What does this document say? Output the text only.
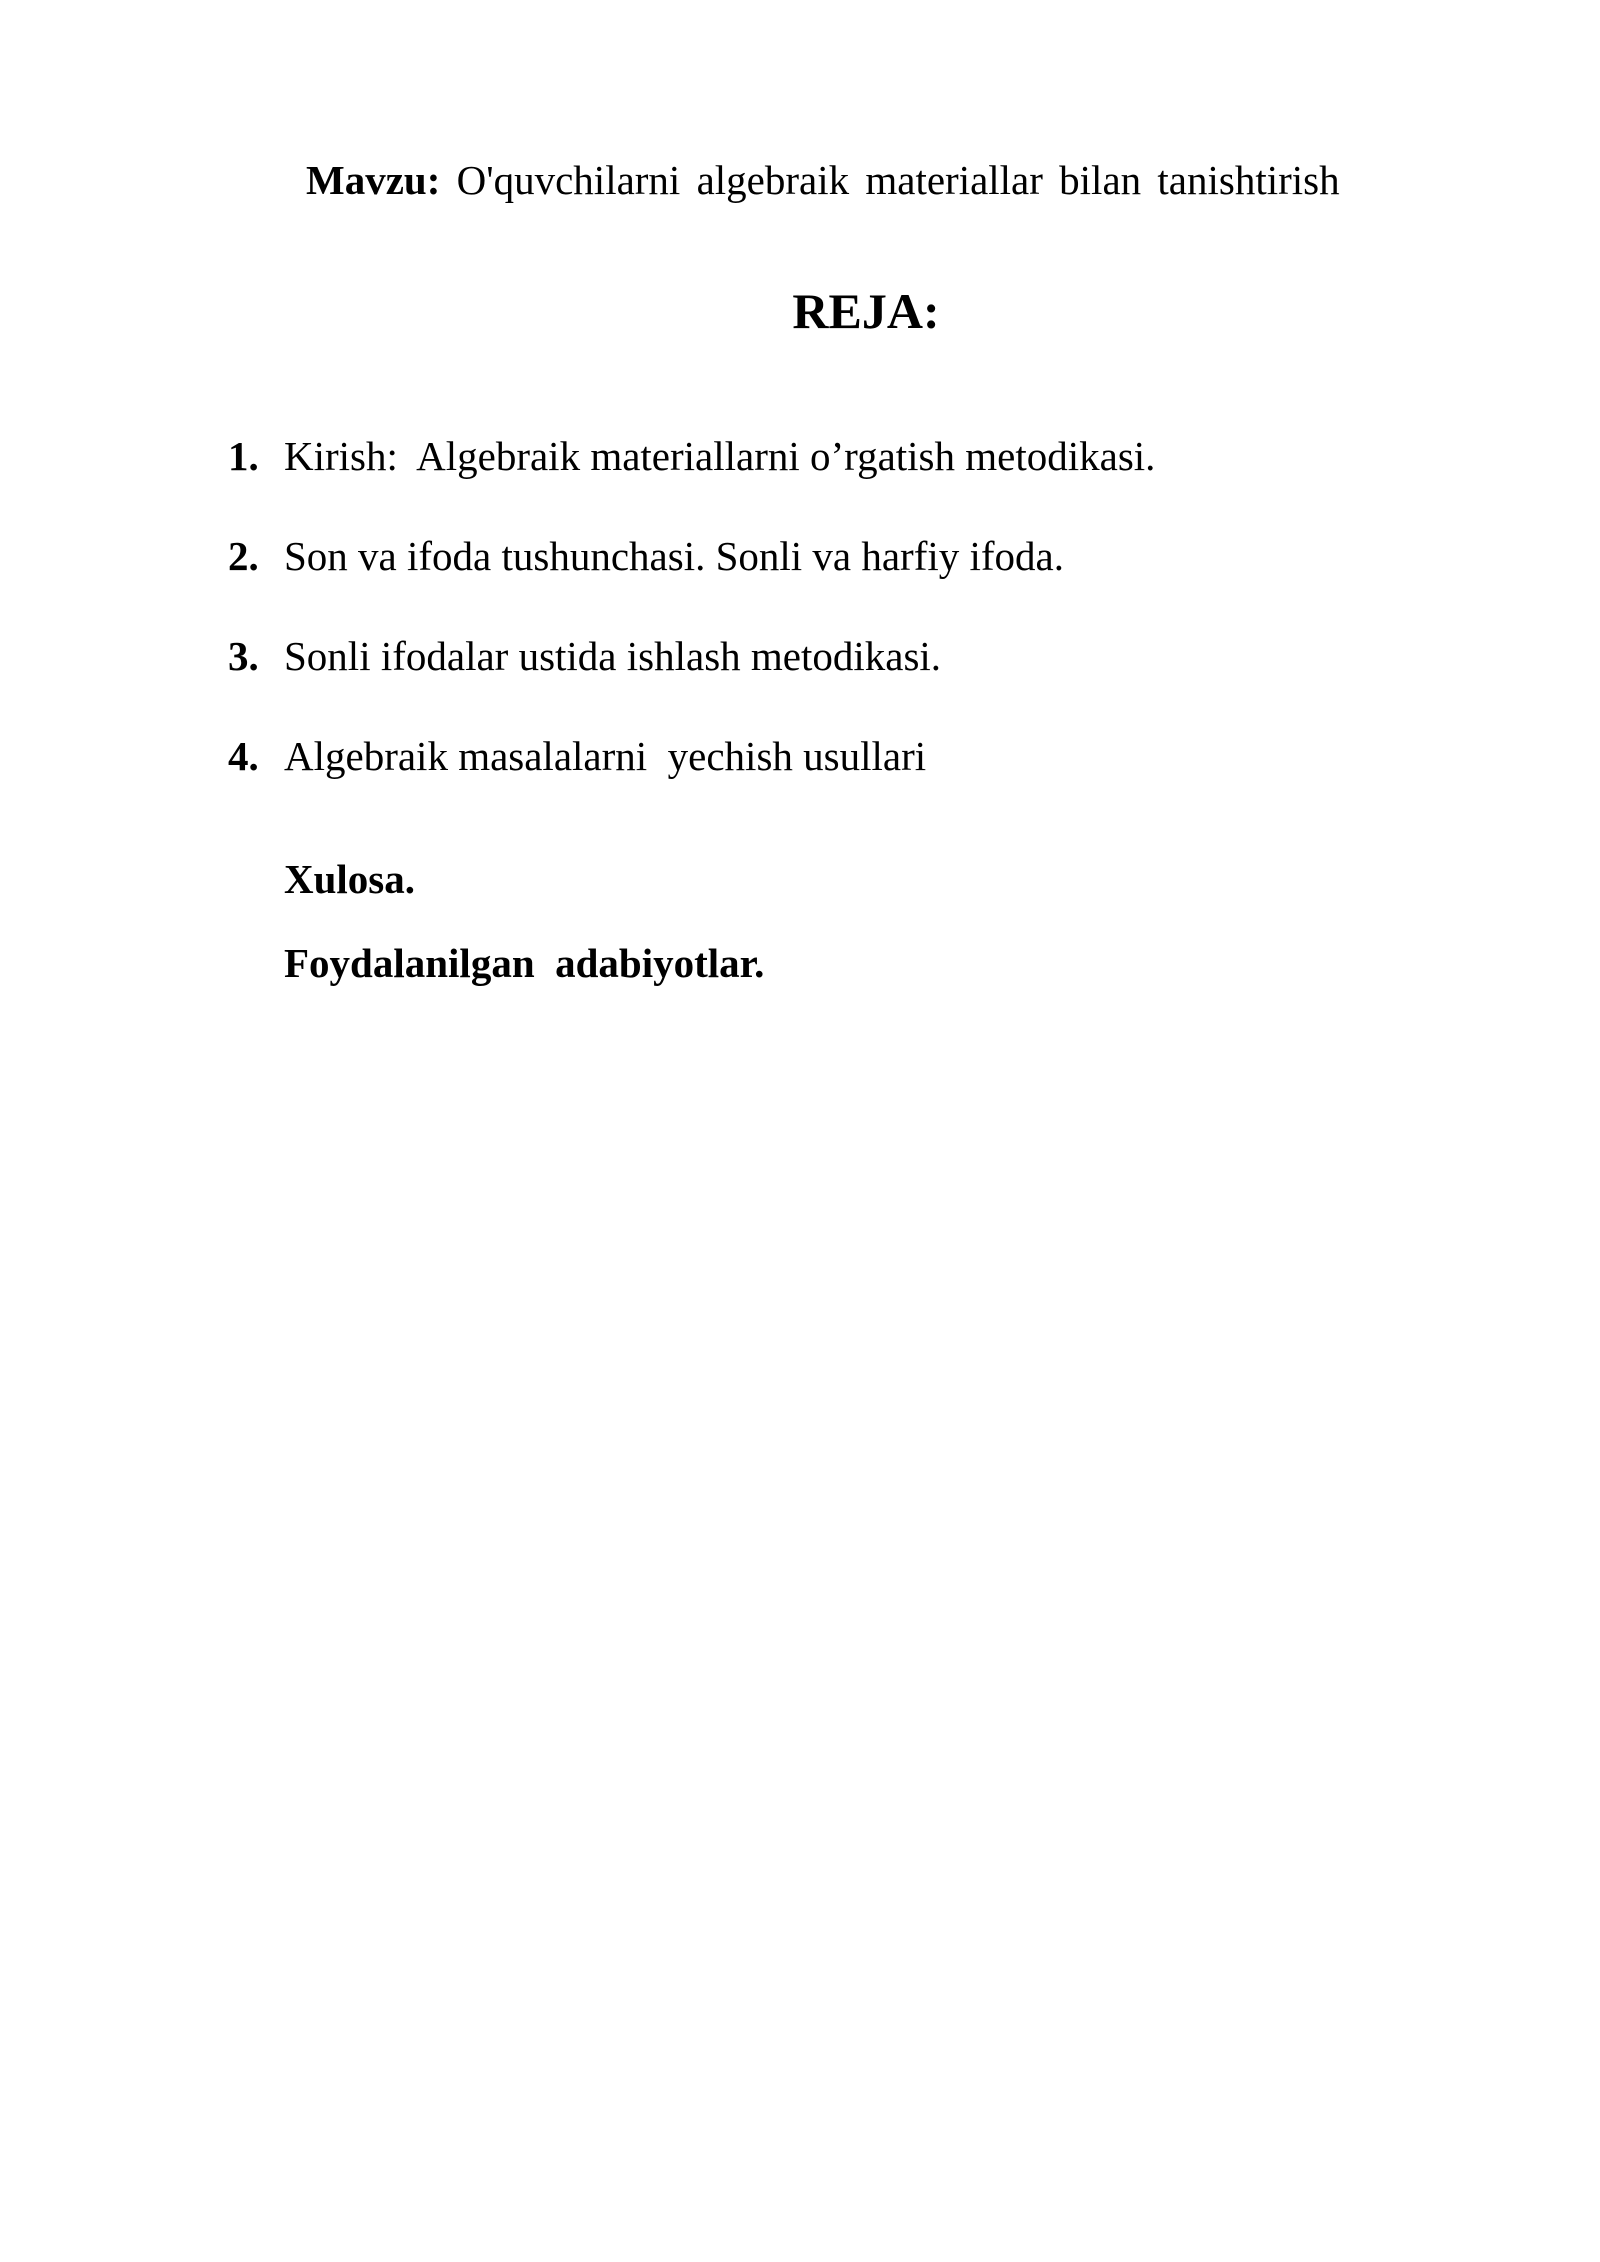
Mavzu: O'quvchilarni algebraik materiallar bilan tanishtirish
REJA:
1. Kirish:  Algebraik materiallarni o’rgatish metodikasi.
2. Son va ifoda tushunchasi. Sonli va harfiy ifoda.
3. Sonli ifodalar ustida ishlash metodikasi.
4. Algebraik masalalarni  yechish usullari
Xulosa.
Foydalanilgan  adabiyotlar.
